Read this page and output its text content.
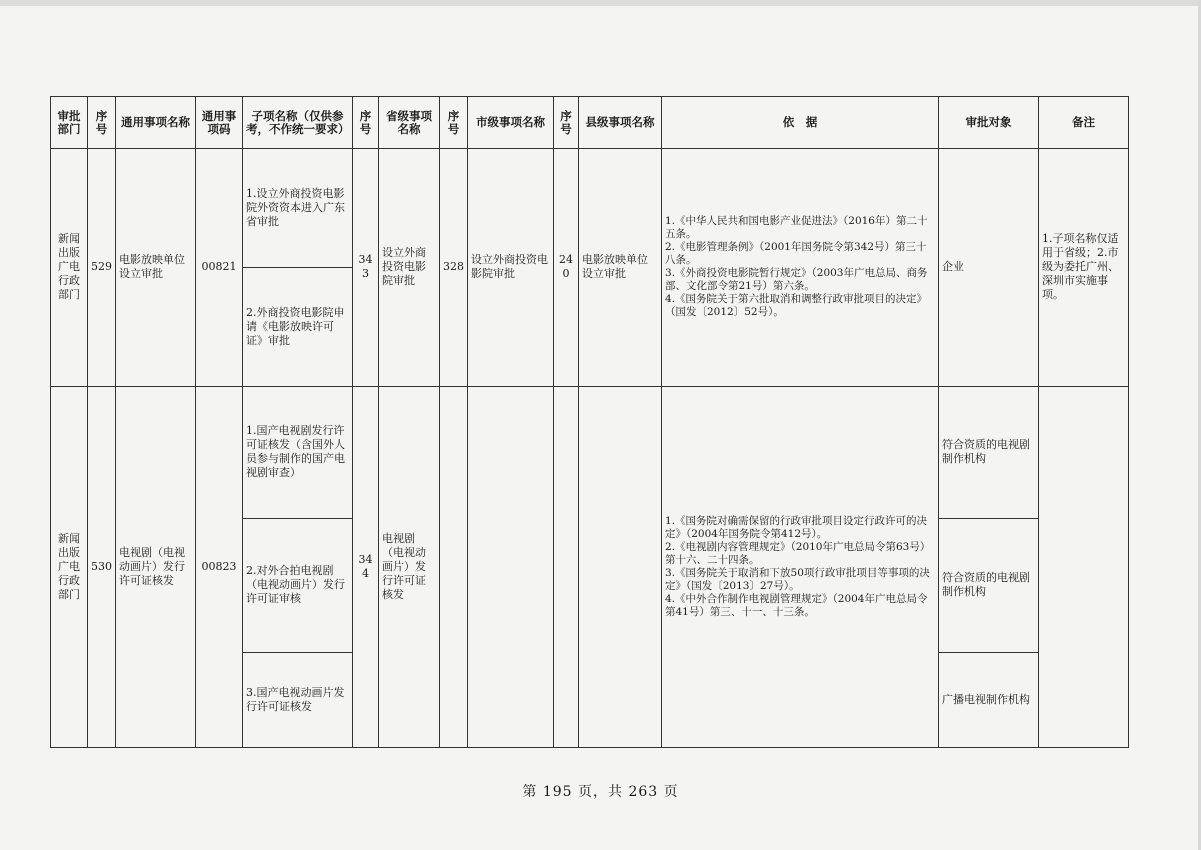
审批部门	序号	通用事项名称	通用事项码	子项名称（仅供参考，不作统一要求）	序号	省级事项名称	序号	市级事项名称	序号	县级事项名称	依　据	审批对象	备注
新闻出版广电行政部门	529	电影放映单位设立审批	00821	1.设立外商投资电影院外资资本进入广东省审批	343	设立外商投资电影院审批	328	设立外商投资电影院审批	240	电影放映单位设立审批	1.《中华人民共和国电影产业促进法》（2016年）第二十五条。
2.《电影管理条例》（2001年国务院令第342号）第三十八条。
3.《外商投资电影院暂行规定》（2003年广电总局、商务部、文化部令第21号）第六条。
4.《国务院关于第六批取消和调整行政审批项目的决定》（国发〔2012〕52号）。	企业	1.子项名称仅适用于省级；2.市级为委托广州、深圳市实施事项。
				2.外商投资电影院申请《电影放映许可证》审批									
新闻出版广电行政部门	530	电视剧（电视动画片）发行许可证核发	00823	1.国产电视剧发行许可证核发（含国外人员参与制作的国产电视剧审查）	344	电视剧（电视动画片）发行许可证核发					1.《国务院对确需保留的行政审批项目设定行政许可的决定》（2004年国务院令第412号）。
2.《电视剧内容管理规定》（2010年广电总局令第63号）第十六、二十四条。
3.《国务院关于取消和下放50项行政审批项目等事项的决定》（国发〔2013〕27号）。
4.《中外合作制作电视剧管理规定》（2004年广电总局令第41号）第三、十一、十三条。	符合资质的电视剧制作机构	
				2.对外合拍电视剧（电视动画片）发行许可证审核								符合资质的电视剧制作机构	
				3.国产电视动画片发行许可证核发								广播电视制作机构	
第 195 页，共 263 页
